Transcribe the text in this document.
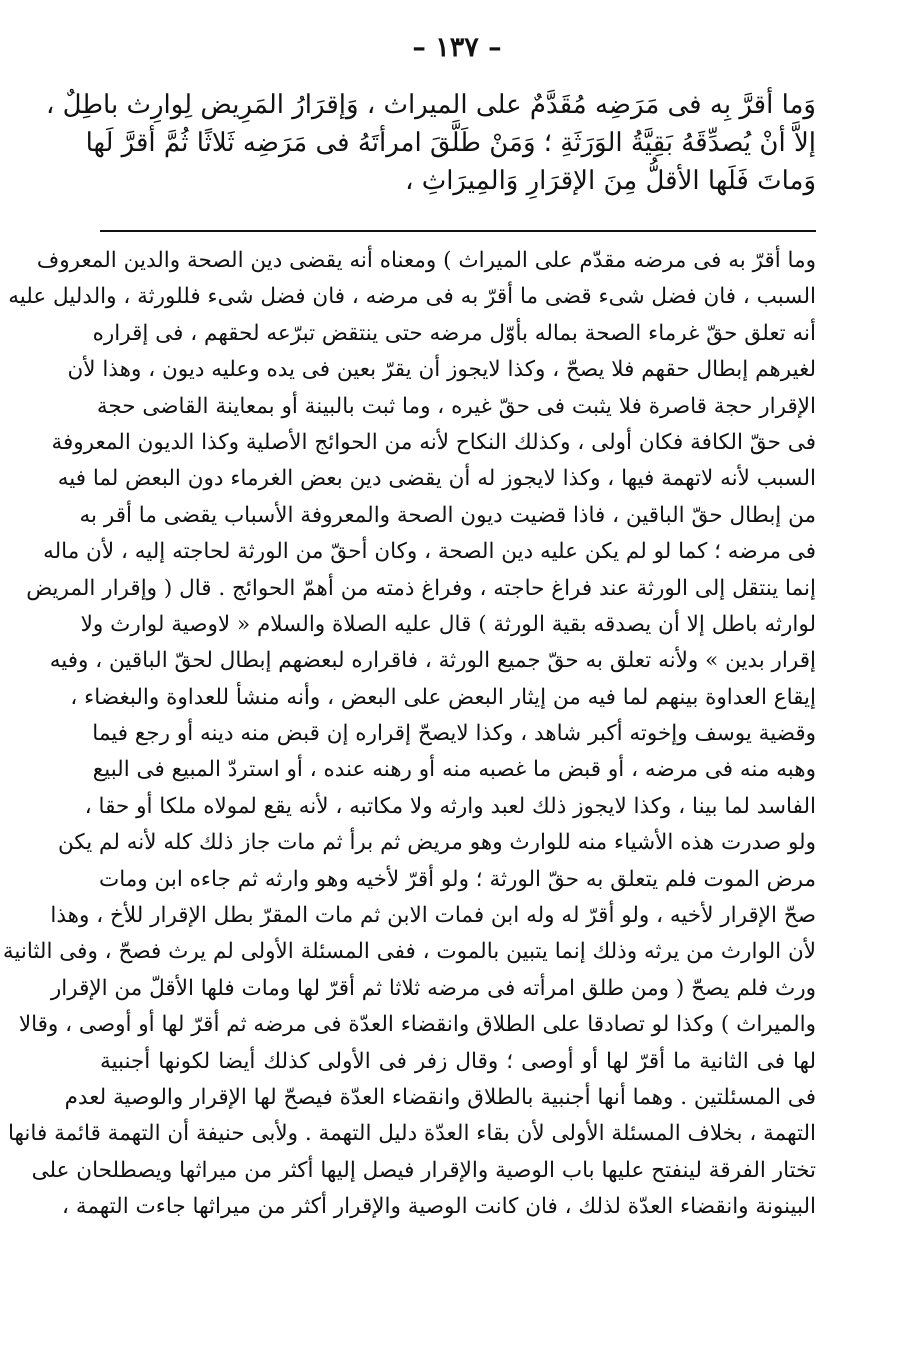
– ١٣٧ –
وَما أقرَّ بِه فى مَرَضِه مُقَدَّمٌ على الميراث ، وَإقرَارُ المَرِيض لِوارِث باطِلٌ ،
إلاَّ أنْ يُصدِّقَهُ بَقِيَّةُ الوَرَثَةِ ؛ وَمَنْ طَلَّقَ امرأتَهُ فى مَرَضِه ثَلاثًا ثُمَّ أقرَّ لَها
وَماتَ فَلَها الأقلُّ مِنَ الإقرَارِ وَالمِيرَاثِ ،
وما أقرّ به فى مرضه مقدّم على الميراث ) ومعناه أنه يقضى دين الصحة والدين المعروف
السبب ، فان فضل شىء قضى ما أقرّ به فى مرضه ، فان فضل شىء فللورثة ، والدليل عليه
أنه تعلق حقّ غرماء الصحة بماله بأوّل مرضه حتى ينتقض تبرّعه لحقهم ، فى إقراره
لغيرهم إبطال حقهم فلا يصحّ ، وكذا لايجوز أن يقرّ بعين فى يده وعليه ديون ، وهذا لأن
الإقرار حجة قاصرة فلا يثبت فى حقّ غيره ، وما ثبت بالبينة أو بمعاينة القاضى حجة
فى حقّ الكافة فكان أولى ، وكذلك النكاح لأنه من الحوائج الأصلية وكذا الديون المعروفة
السبب لأنه لاتهمة فيها ، وكذا لايجوز له أن يقضى دين بعض الغرماء دون البعض لما فيه
من إبطال حقّ الباقين ، فاذا قضيت ديون الصحة والمعروفة الأسباب يقضى ما أقر به
فى مرضه ؛ كما لو لم يكن عليه دين الصحة ، وكان أحقّ من الورثة لحاجته إليه ، لأن ماله
إنما ينتقل إلى الورثة عند فراغ حاجته ، وفراغ ذمته من أهمّ الحوائج . قال ( وإقرار المريض
لوارثه باطل إلا أن يصدقه بقية الورثة ) قال عليه الصلاة والسلام « لاوصية لوارث ولا
إقرار بدين » ولأنه تعلق به حقّ جميع الورثة ، فاقراره لبعضهم إبطال لحقّ الباقين ، وفيه
إيقاع العداوة بينهم لما فيه من إيثار البعض على البعض ، وأنه منشأ للعداوة والبغضاء ،
وقضية يوسف وإخوته أكبر شاهد ، وكذا لايصحّ إقراره إن قبض منه دينه أو رجع فيما
وهبه منه فى مرضه ، أو قبض ما غصبه منه أو رهنه عنده ، أو استردّ المبيع فى البيع
الفاسد لما بينا ، وكذا لايجوز ذلك لعبد وارثه ولا مكاتبه ، لأنه يقع لمولاه ملكا أو حقا ،
ولو صدرت هذه الأشياء منه للوارث وهو مريض ثم برأ ثم مات جاز ذلك كله لأنه لم يكن
مرض الموت فلم يتعلق به حقّ الورثة ؛ ولو أقرّ لأخيه وهو وارثه ثم جاءه ابن ومات
صحّ الإقرار لأخيه ، ولو أقرّ له وله ابن فمات الابن ثم مات المقرّ بطل الإقرار للأخ ، وهذا
لأن الوارث من يرثه وذلك إنما يتبين بالموت ، ففى المسئلة الأولى لم يرث فصحّ ، وفى الثانية
ورث فلم يصحّ ( ومن طلق امرأته فى مرضه ثلاثا ثم أقرّ لها ومات فلها الأقلّ من الإقرار
والميراث ) وكذا لو تصادقا على الطلاق وانقضاء العدّة فى مرضه ثم أقرّ لها أو أوصى ، وقالا
لها فى الثانية ما أقرّ لها أو أوصى ؛ وقال زفر فى الأولى كذلك أيضا لكونها أجنبية
فى المسئلتين . وهما أنها أجنبية بالطلاق وانقضاء العدّة فيصحّ لها الإقرار والوصية لعدم
التهمة ، بخلاف المسئلة الأولى لأن بقاء العدّة دليل التهمة . ولأبى حنيفة أن التهمة قائمة فانها
تختار الفرقة لينفتح عليها باب الوصية والإقرار فيصل إليها أكثر من ميراثها ويصطلحان على
البينونة وانقضاء العدّة لذلك ، فان كانت الوصية والإقرار أكثر من ميراثها جاءت التهمة ،
